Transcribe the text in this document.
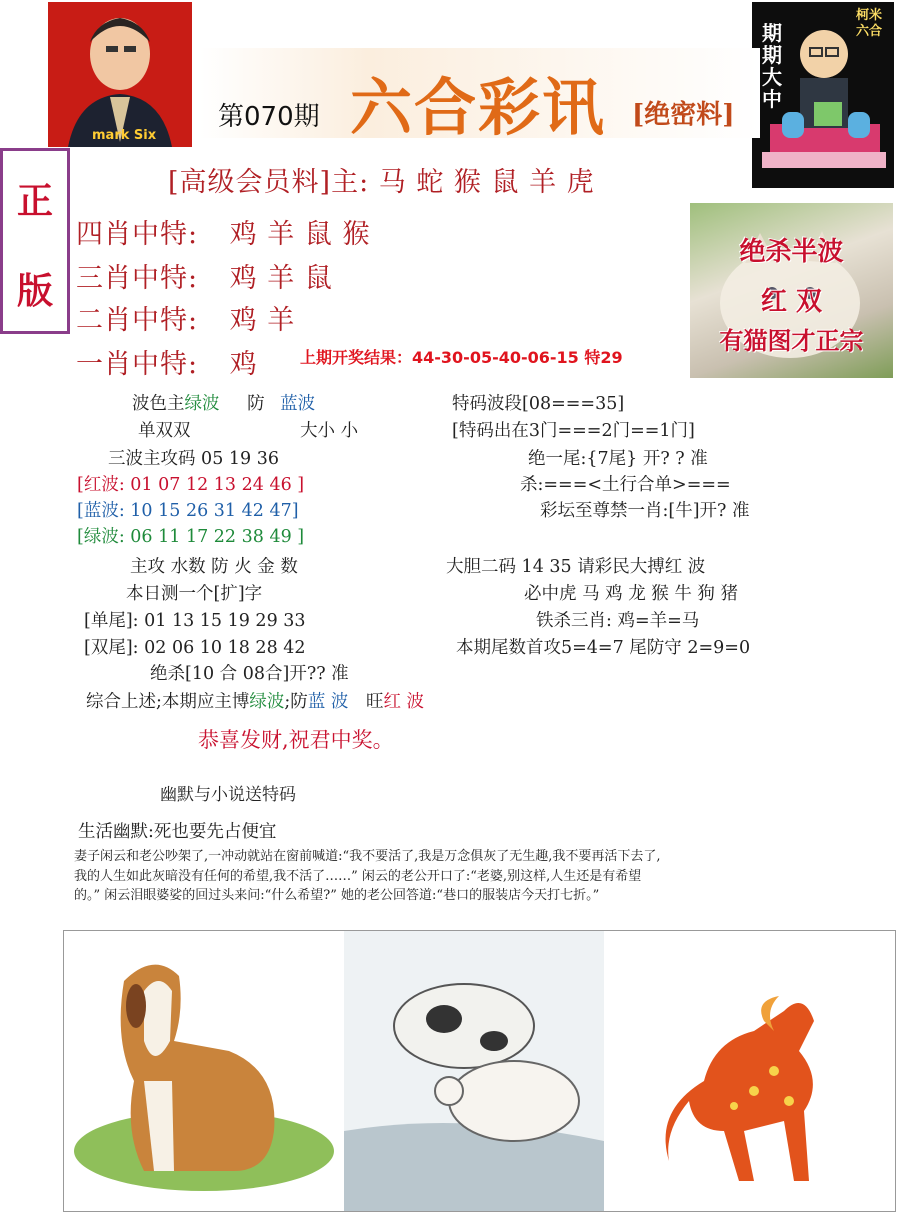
mark Six
期期大中
柯米六合
第070期 六合彩讯 [绝密料]
正
版
[高级会员料]主: 马 蛇 猴 鼠 羊 虎
四肖中特: 鸡 羊 鼠 猴
三肖中特: 鸡 羊 鼠
二肖中特: 鸡 羊
一肖中特: 鸡	上期开奖结果：44-30-05-40-06-15 特29
绝杀半波
红 双
有猫图才正宗
波色主绿波 防 蓝波
单双双	大小 小
三波主攻码 05 19 36
[红波: 01 07 12 13 24 46 ]
[蓝波: 10 15 26 31 42 47]
[绿波: 06 11 17 22 38 49 ]
主攻 水数 防 火 金 数
本日测一个[扩]字
[单尾]: 01 13 15 19 29 33
[双尾]: 02 06 10 18 28 42
绝杀[10 合 08合]开?? 准
特码波段[08===35]
[特码出在3门===2门==1门]
绝一尾:{7尾} 开? ? 准
杀:===<土行合单>===
彩坛至尊禁一肖:[牛]开? 准
大胆二码 14 35 请彩民大搏红 波
必中虎 马 鸡 龙 猴 牛 狗 猪
铁杀三肖: 鸡=羊=马
本期尾数首攻5=4=7 尾防守 2=9=0
综合上述;本期应主博绿波;防蓝 波 旺红 波
恭喜发财,祝君中奖。
幽默与小说送特码
生活幽默:死也要先占便宜
妻子闲云和老公吵架了,一冲动就站在窗前喊道:“我不要活了,我是万念俱灰了无生趣,我不要再活下去了,
我的人生如此灰暗没有任何的希望,我不活了……” 闲云的老公开口了:“老婆,别这样,人生还是有希望
的。” 闲云泪眼婆娑的回过头来问:“什么希望?” 她的老公回答道:“巷口的服装店今天打七折。”
